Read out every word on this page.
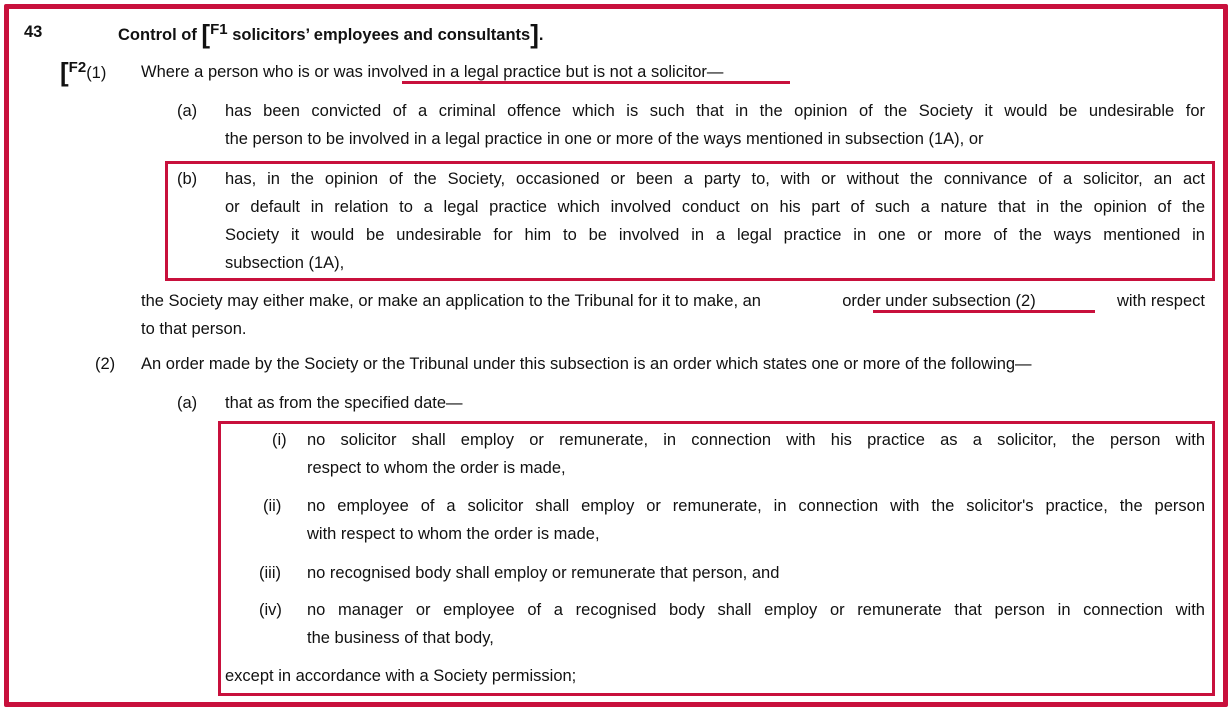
43	Control of [F1 solicitors’ employees and consultants].
[F2(1) Where a person who is or was involved in a legal practice but is not a solicitor—
(a) has been convicted of a criminal offence which is such that in the opinion of the Society it would be undesirable for
the person to be involved in a legal practice in one or more of the ways mentioned in subsection (1A), or
(b) has, in the opinion of the Society, occasioned or been a party to, with or without the connivance of a solicitor, an act
or default in relation to a legal practice which involved conduct on his part of such a nature that in the opinion of the
Society it would be undesirable for him to be involved in a legal practice in one or more of the ways mentioned in
subsection (1A),
the Society may either make, or make an application to the Tribunal for it to make, an	order under subsection (2)	with respect
to that person.
(2) An order made by the Society or the Tribunal under this subsection is an order which states one or more of the following—
(a) that as from the specified date—
(i) no solicitor shall employ or remunerate, in connection with his practice as a solicitor, the person with
respect to whom the order is made,
(ii) no employee of a solicitor shall employ or remunerate, in connection with the solicitor's practice, the person
with respect to whom the order is made,
(iii) no recognised body shall employ or remunerate that person, and
(iv) no manager or employee of a recognised body shall employ or remunerate that person in connection with
the business of that body,
except in accordance with a Society permission;
